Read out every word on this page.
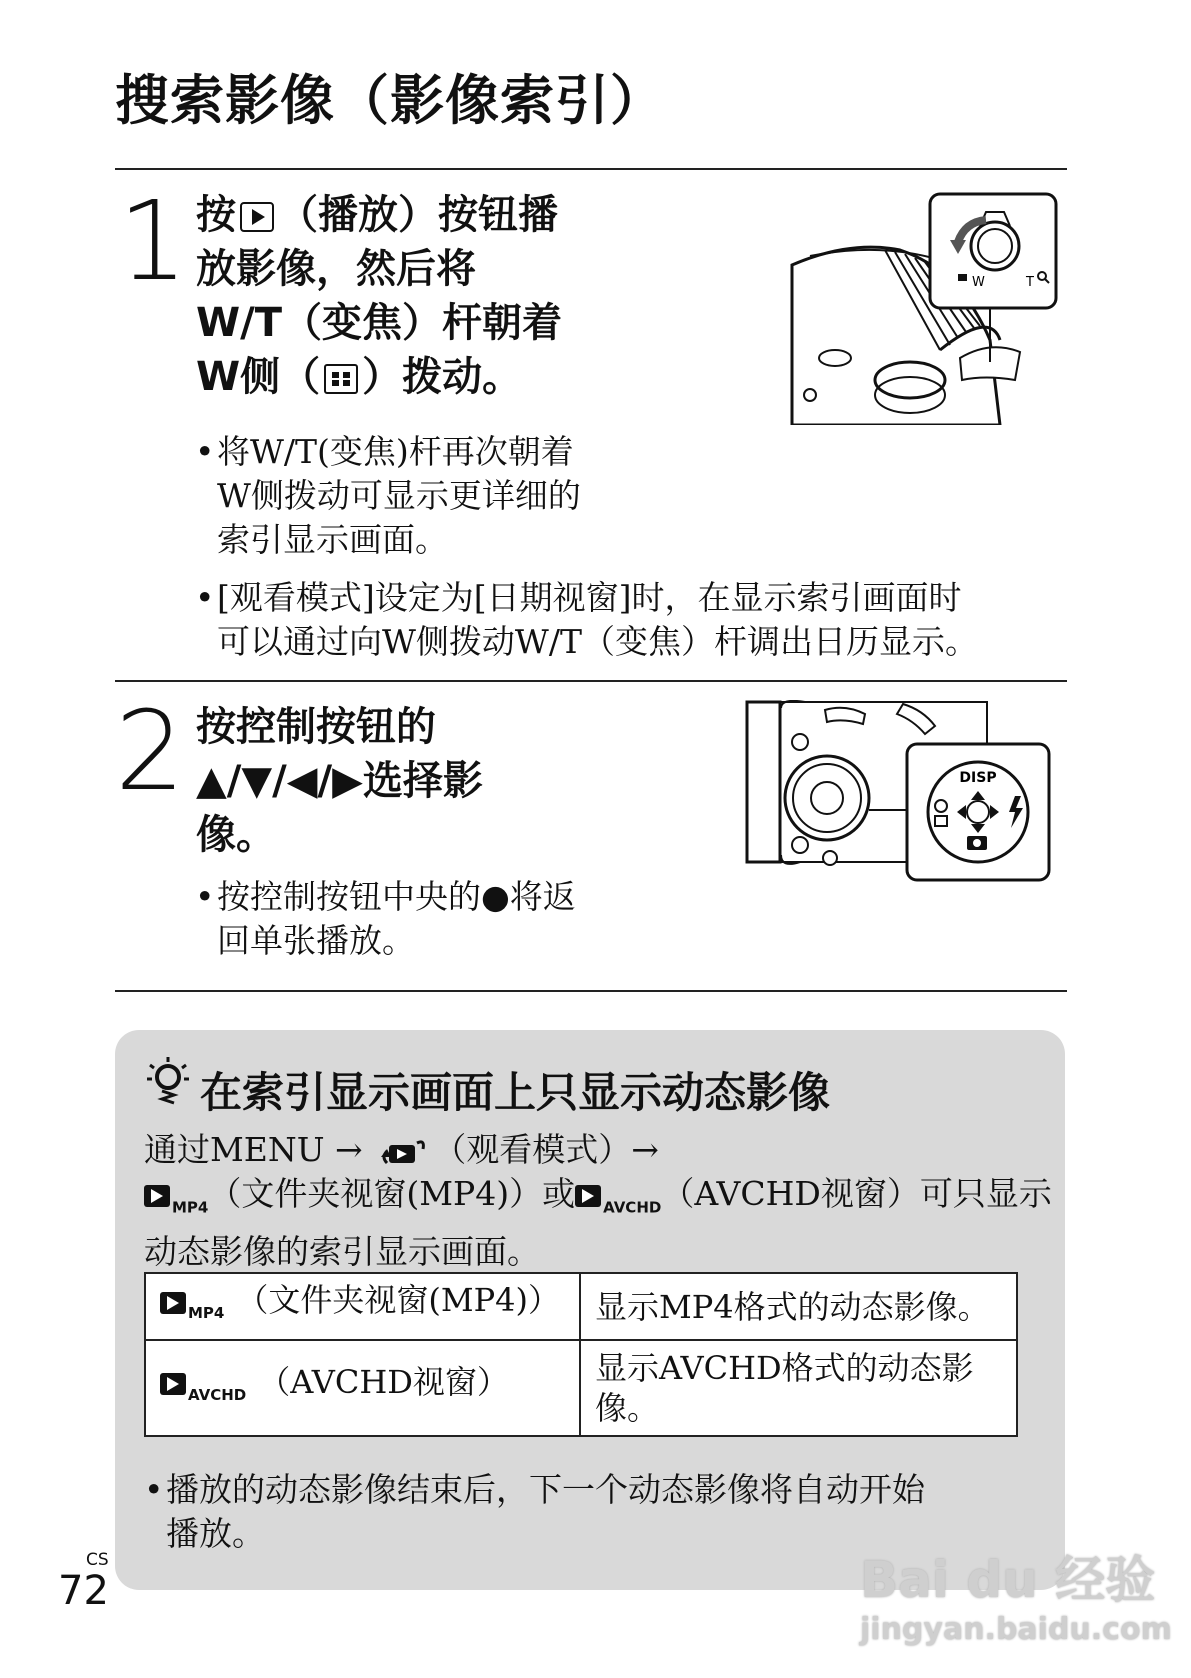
搜索影像（影像索引）
1 按 （播放）按钮播
放影像，然后将
W/T（变焦）杆朝着
W侧（ ）拨动。
W	T
•将W/T(变焦)杆再次朝着
W侧拨动可显示更详细的
索引显示画面。
•[观看模式]设定为[日期视窗]时，在显示索引画面时
可以通过向W侧拨动W/T（变焦）杆调出日历显示。
2 按控制按钮的
▲/▼/◀/▶选择影
像。
DISP
•按控制按钮中央的●将返
回单张播放。
在索引显示画面上只显示动态影像
通过MENU → （观看模式）→
$_{MP4}$（文件夹视窗(MP4)）或 $_{AVCHD}$（AVCHD视窗）可只显示
动态影像的索引显示画面。
$_{MP4}$ （文件夹视窗(MP4)）	显示MP4格式的动态影像。
$_{AVCHD}$ （AVCHD视窗）	显示AVCHD格式的动态影像。
•播放的动态影像结束后，下一个动态影像将自动开始
播放。
CS
72	Bai du 经验
jingyan.baidu.com
